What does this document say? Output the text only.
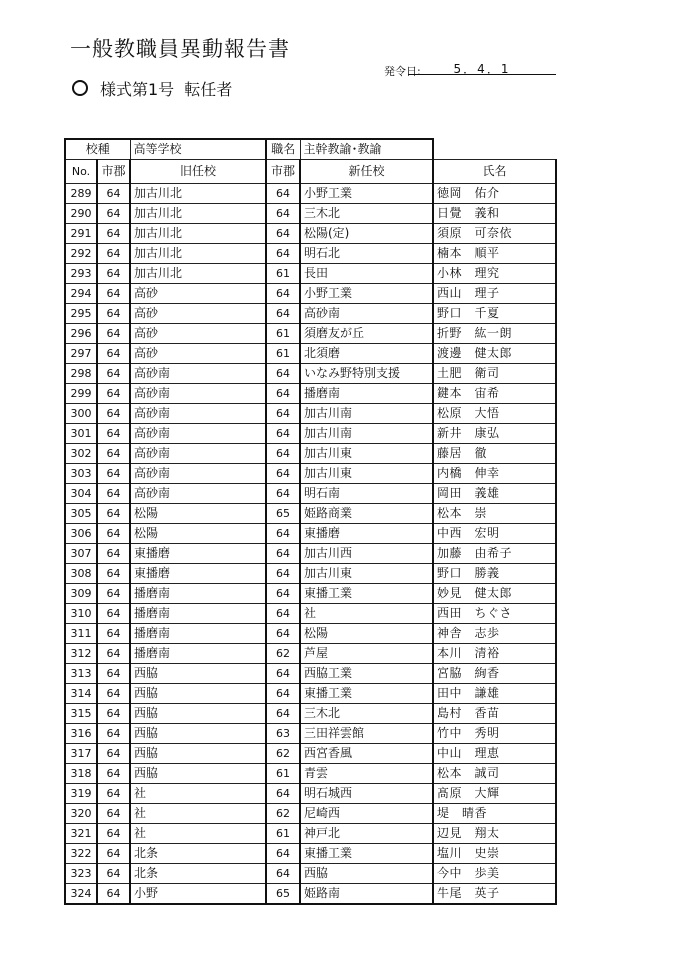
一般教職員異動報告書
発令日:	5．4．1
様式第1号 転任者
校種		高等学校	職名	主幹教諭･教諭	
No.	市郡	旧任校	市郡	新任校	氏名
289	64	加古川北	64	小野工業	徳岡　佑介
290	64	加古川北	64	三木北	日覺　義和
291	64	加古川北	64	松陽(定)	須原　可奈依
292	64	加古川北	64	明石北	楠本　順平
293	64	加古川北	61	長田	小林　理究
294	64	高砂	64	小野工業	西山　理子
295	64	高砂	64	高砂南	野口　千夏
296	64	高砂	61	須磨友が丘	折野　紘一朗
297	64	高砂	61	北須磨	渡邊　健太郎
298	64	高砂南	64	いなみ野特別支援	土肥　衛司
299	64	高砂南	64	播磨南	鍵本　宙希
300	64	高砂南	64	加古川南	松原　大悟
301	64	高砂南	64	加古川南	新井　康弘
302	64	高砂南	64	加古川東	藤居　徹
303	64	高砂南	64	加古川東	内橋　伸幸
304	64	高砂南	64	明石南	岡田　義雄
305	64	松陽	65	姫路商業	松本　崇
306	64	松陽	64	東播磨	中西　宏明
307	64	東播磨	64	加古川西	加藤　由希子
308	64	東播磨	64	加古川東	野口　勝義
309	64	播磨南	64	東播工業	妙見　健太郎
310	64	播磨南	64	社	西田　ちぐさ
311	64	播磨南	64	松陽	神舎　志歩
312	64	播磨南	62	芦屋	本川　清裕
313	64	西脇	64	西脇工業	宮脇　絢香
314	64	西脇	64	東播工業	田中　謙雄
315	64	西脇	64	三木北	島村　香苗
316	64	西脇	63	三田祥雲館	竹中　秀明
317	64	西脇	62	西宮香風	中山　理恵
318	64	西脇	61	青雲	松本　誠司
319	64	社	64	明石城西	髙原　大輝
320	64	社	62	尼崎西	堤　晴香
321	64	社	61	神戸北	辺見　翔太
322	64	北条	64	東播工業	塩川　史崇
323	64	北条	64	西脇	今中　歩美
324	64	小野	65	姫路南	牛尾　英子
